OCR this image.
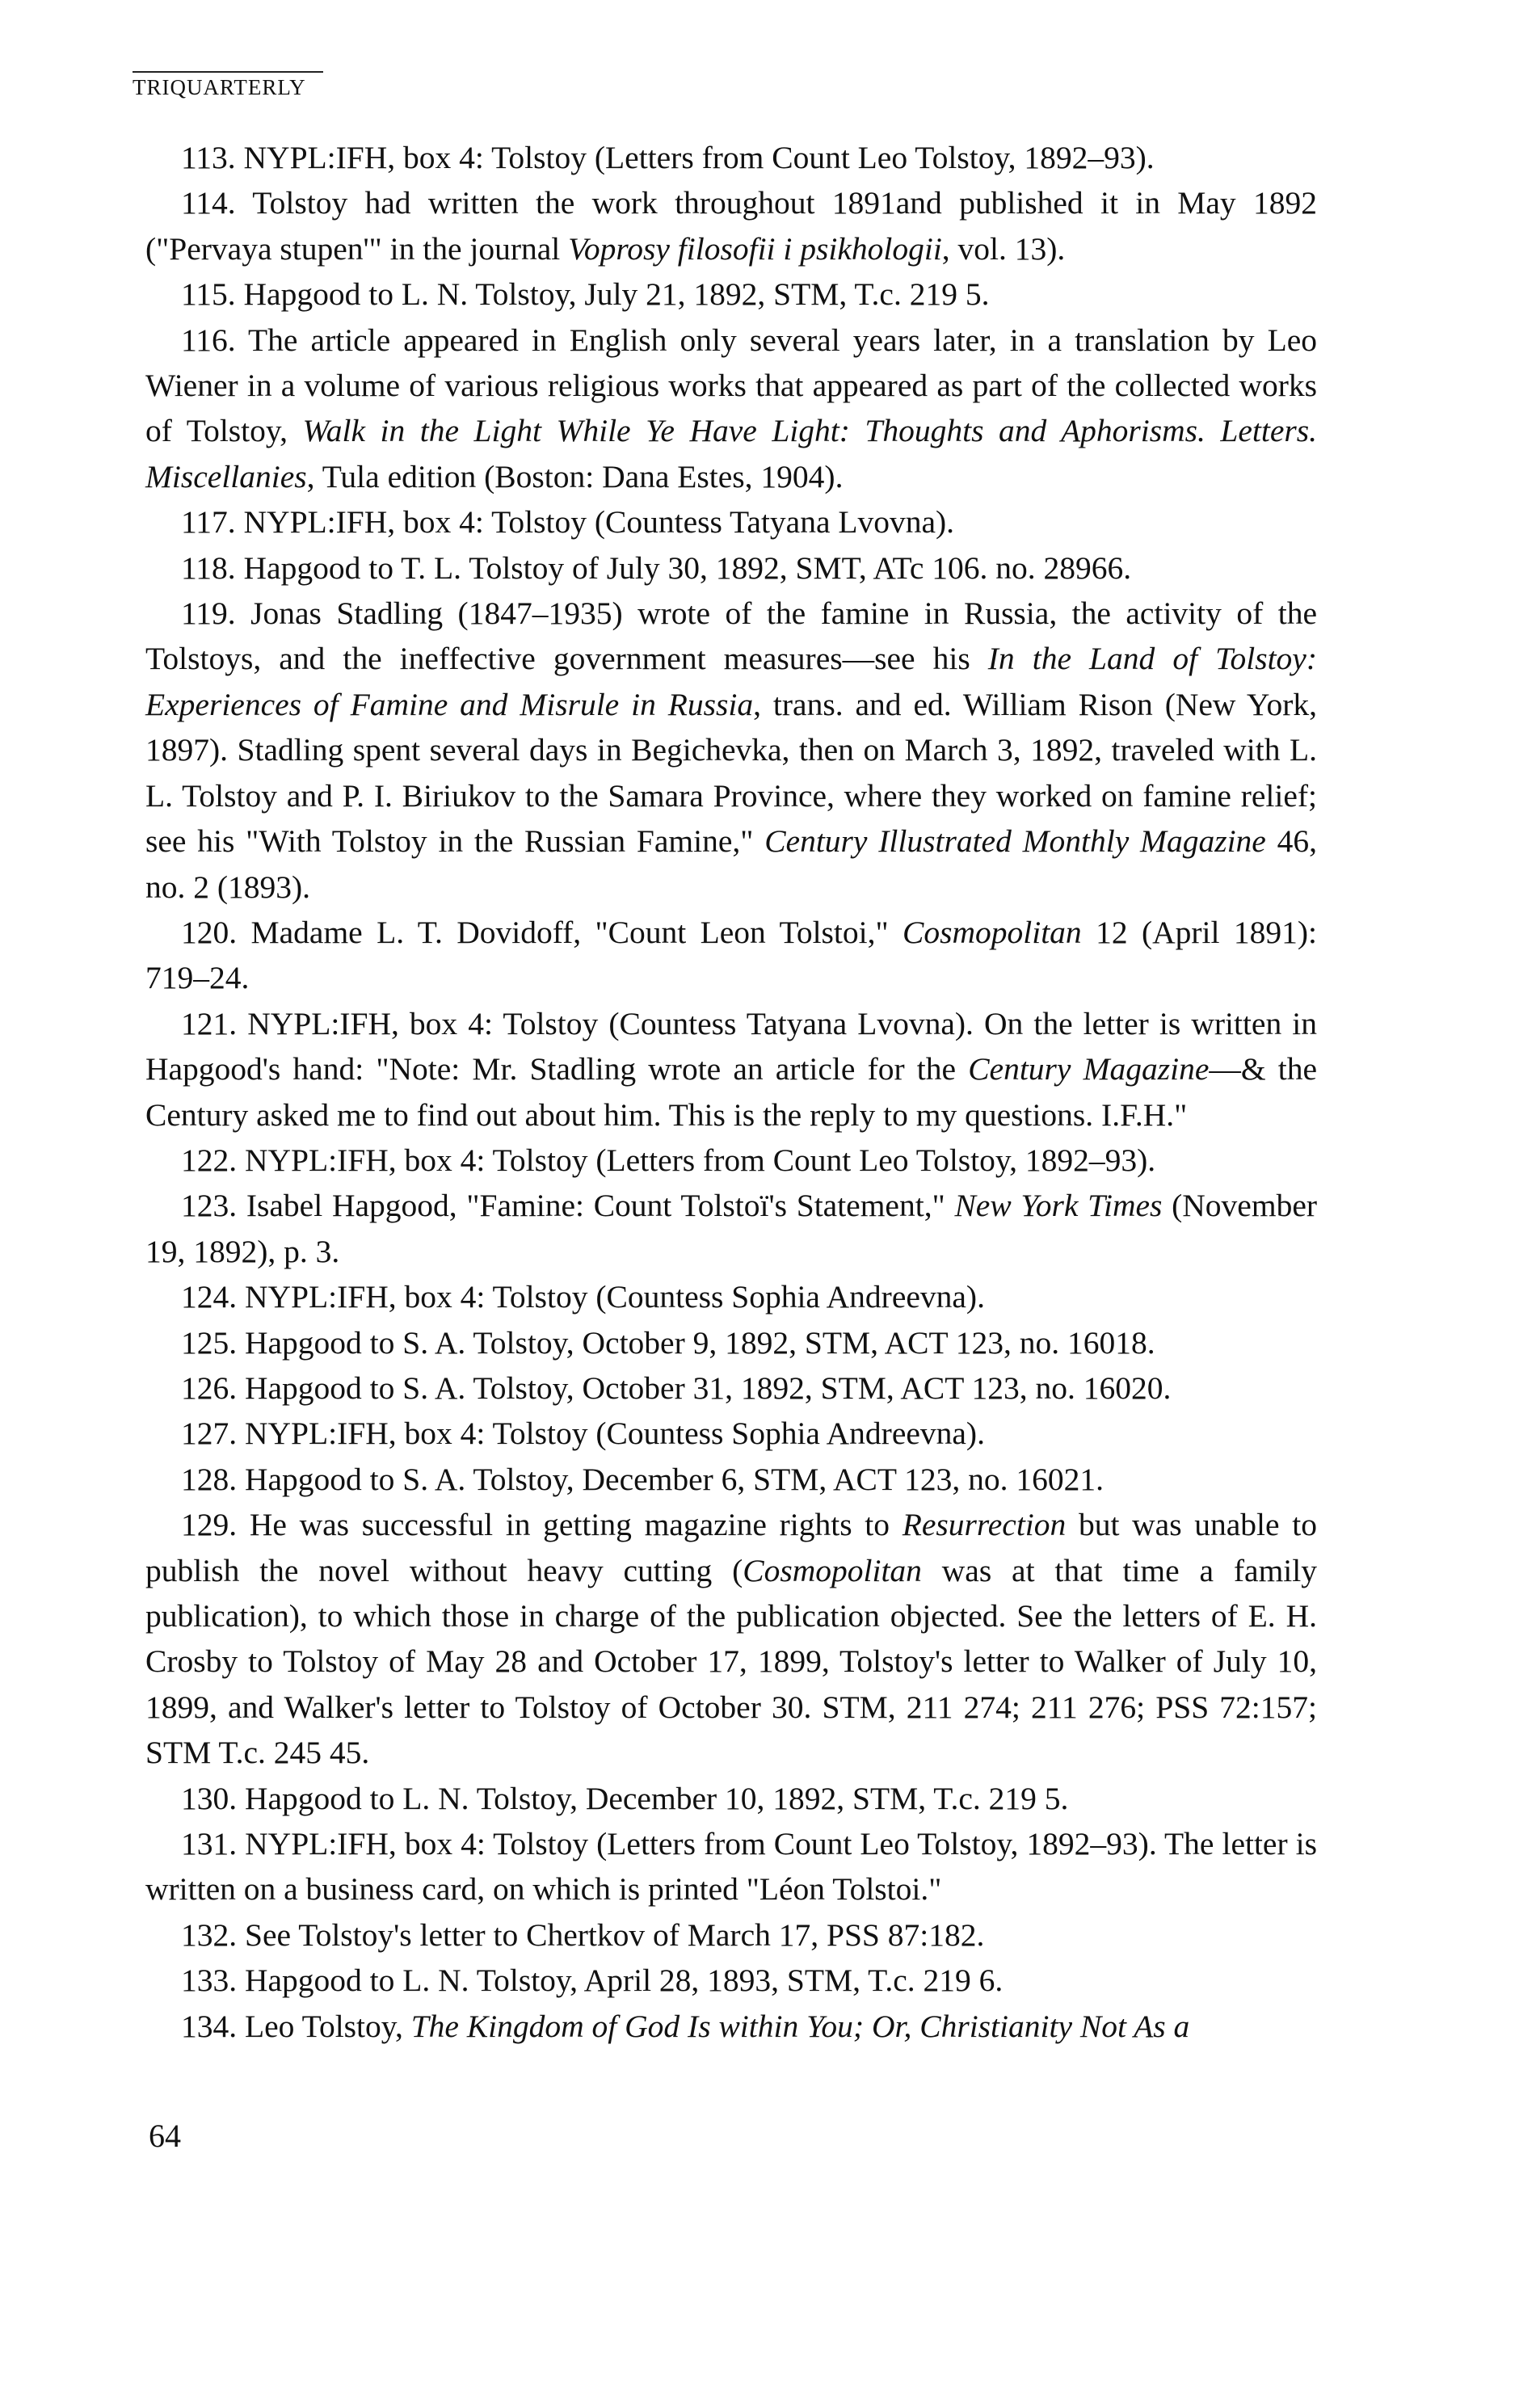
TRIQUARTERLY

113. NYPL:IFH, box 4: Tolstoy (Letters from Count Leo Tolstoy, 1892–93).

114. Tolstoy had written the work throughout 1891and published it in May 1892 ("Pervaya stupen'" in the journal Voprosy filosofii i psikhologii, vol. 13).

115. Hapgood to L. N. Tolstoy, July 21, 1892, STM, T.c. 219 5.

116. The article appeared in English only several years later, in a translation by Leo Wiener in a volume of various religious works that appeared as part of the collected works of Tolstoy, Walk in the Light While Ye Have Light: Thoughts and Aphorisms. Letters. Miscellanies, Tula edition (Boston: Dana Estes, 1904).

117. NYPL:IFH, box 4: Tolstoy (Countess Tatyana Lvovna).

118. Hapgood to T. L. Tolstoy of July 30, 1892, SMT, ATc 106. no. 28966.

119. Jonas Stadling (1847–1935) wrote of the famine in Russia, the activity of the Tolstoys, and the ineffective government measures—see his In the Land of Tolstoy: Experiences of Famine and Misrule in Russia, trans. and ed. William Rison (New York, 1897). Stadling spent several days in Begichevka, then on March 3, 1892, traveled with L. L. Tolstoy and P. I. Biriukov to the Samara Province, where they worked on famine relief; see his "With Tolstoy in the Russian Famine," Century Illustrated Monthly Magazine 46, no. 2 (1893).

120. Madame L. T. Dovidoff, "Count Leon Tolstoi," Cosmopolitan 12 (April 1891): 719–24.

121. NYPL:IFH, box 4: Tolstoy (Countess Tatyana Lvovna). On the letter is written in Hapgood's hand: "Note: Mr. Stadling wrote an article for the Century Magazine—& the Century asked me to find out about him. This is the reply to my questions. I.F.H."

122. NYPL:IFH, box 4: Tolstoy (Letters from Count Leo Tolstoy, 1892–93).

123. Isabel Hapgood, "Famine: Count Tolstoï's Statement," New York Times (November 19, 1892), p. 3.

124. NYPL:IFH, box 4: Tolstoy (Countess Sophia Andreevna).

125. Hapgood to S. A. Tolstoy, October 9, 1892, STM, ACT 123, no. 16018.

126. Hapgood to S. A. Tolstoy, October 31, 1892, STM, ACT 123, no. 16020.

127. NYPL:IFH, box 4: Tolstoy (Countess Sophia Andreevna).

128. Hapgood to S. A. Tolstoy, December 6, STM, ACT 123, no. 16021.

129. He was successful in getting magazine rights to Resurrection but was unable to publish the novel without heavy cutting (Cosmopolitan was at that time a family publication), to which those in charge of the publication objected. See the letters of E. H. Crosby to Tolstoy of May 28 and October 17, 1899, Tolstoy's letter to Walker of July 10, 1899, and Walker's letter to Tolstoy of October 30. STM, 211 274; 211 276; PSS 72:157; STM T.c. 245 45.

130. Hapgood to L. N. Tolstoy, December 10, 1892, STM, T.c. 219 5.

131. NYPL:IFH, box 4: Tolstoy (Letters from Count Leo Tolstoy, 1892–93). The letter is written on a business card, on which is printed "Léon Tolstoi."

132. See Tolstoy's letter to Chertkov of March 17, PSS 87:182.

133. Hapgood to L. N. Tolstoy, April 28, 1893, STM, T.c. 219 6.

134. Leo Tolstoy, The Kingdom of God Is within You; Or, Christianity Not As a

64
